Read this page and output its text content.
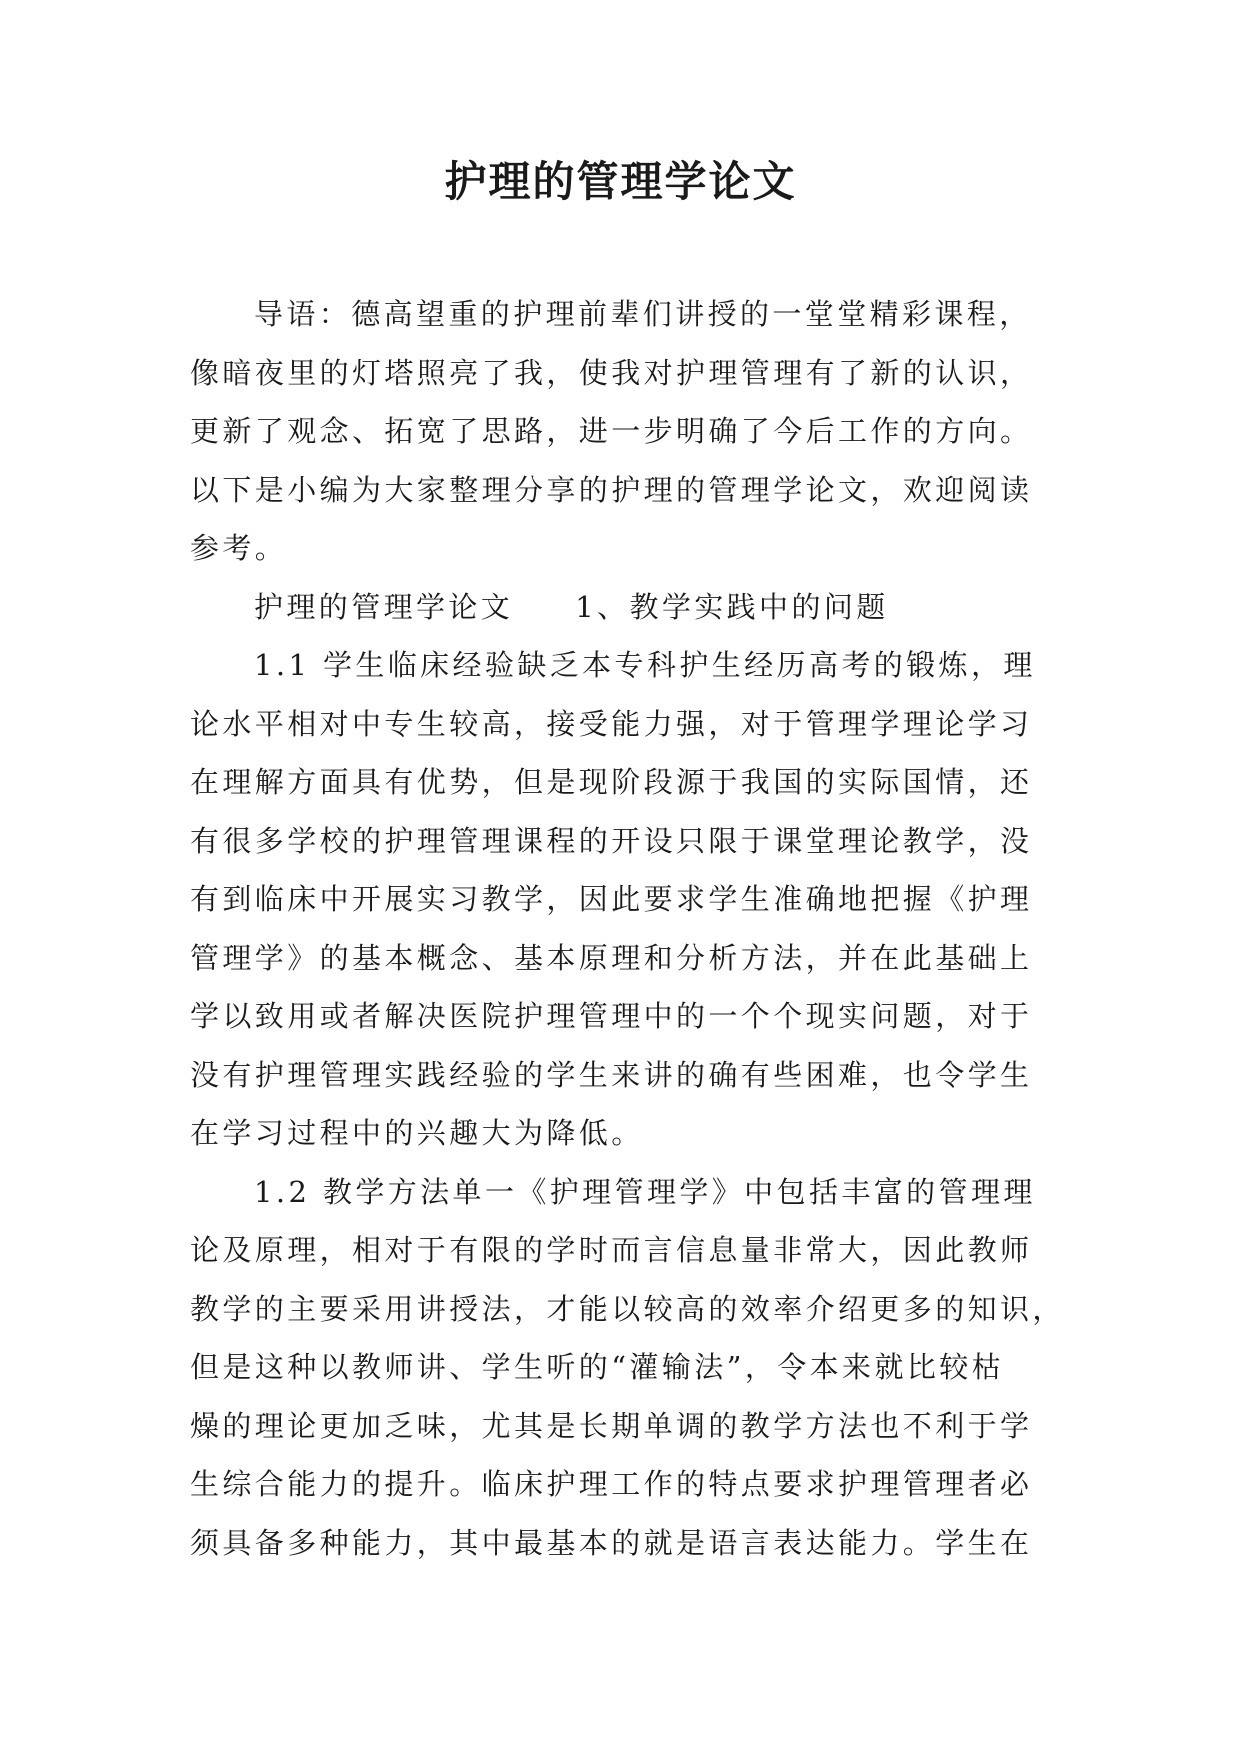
护理的管理学论文
导语：德高望重的护理前辈们讲授的一堂堂精彩课程，
像暗夜里的灯塔照亮了我，使我对护理管理有了新的认识，
更新了观念、拓宽了思路，进一步明确了今后工作的方向。
以下是小编为大家整理分享的护理的管理学论文，欢迎阅读
参考。
护理的管理学论文 1、教学实践中的问题
1.1 学生临床经验缺乏本专科护生经历高考的锻炼，理
论水平相对中专生较高，接受能力强，对于管理学理论学习
在理解方面具有优势，但是现阶段源于我国的实际国情，还
有很多学校的护理管理课程的开设只限于课堂理论教学，没
有到临床中开展实习教学，因此要求学生准确地把握《护理
管理学》的基本概念、基本原理和分析方法，并在此基础上
学以致用或者解决医院护理管理中的一个个现实问题，对于
没有护理管理实践经验的学生来讲的确有些困难，也令学生
在学习过程中的兴趣大为降低。
1.2 教学方法单一《护理管理学》中包括丰富的管理理
论及原理，相对于有限的学时而言信息量非常大，因此教师
教学的主要采用讲授法，才能以较高的效率介绍更多的知识，
但是这种以教师讲、学生听的“灌输法”，令本来就比较枯
燥的理论更加乏味，尤其是长期单调的教学方法也不利于学
生综合能力的提升。临床护理工作的特点要求护理管理者必
须具备多种能力，其中最基本的就是语言表达能力。学生在
